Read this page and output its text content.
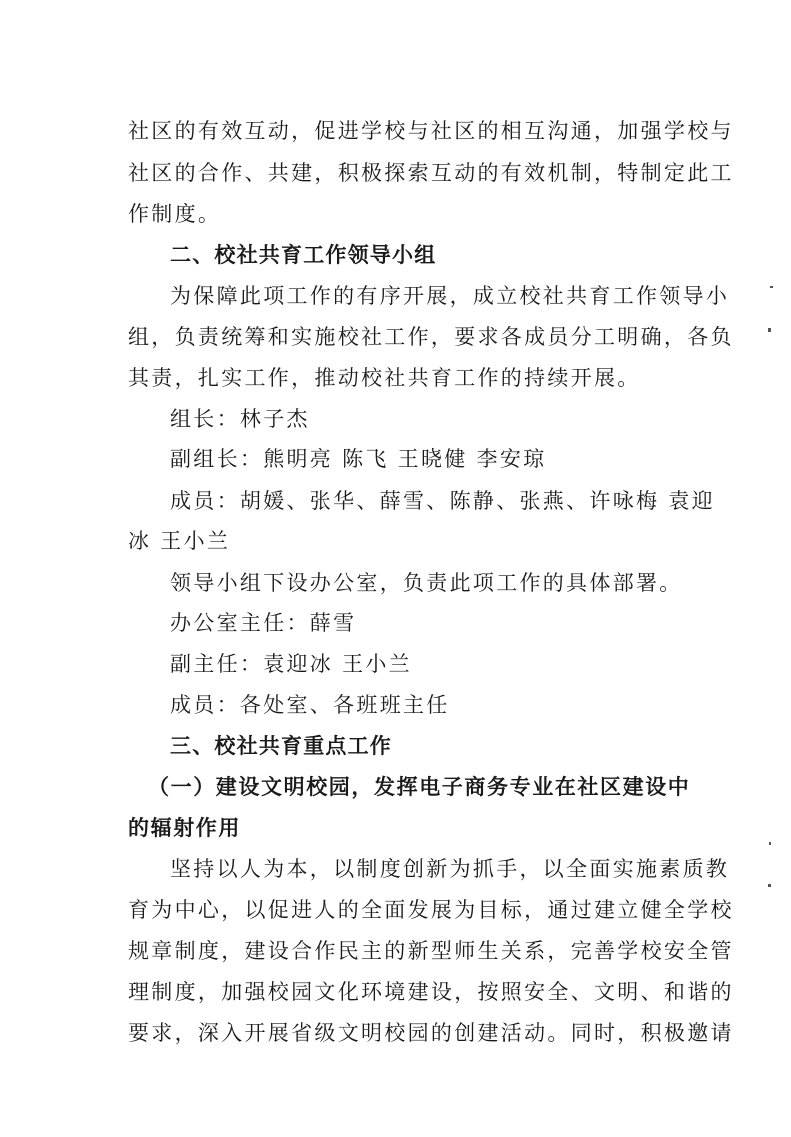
社区的有效互动，促进学校与社区的相互沟通，加强学校与
社区的合作、共建，积极探索互动的有效机制，特制定此工
作制度。
二、校社共育工作领导小组
为保障此项工作的有序开展，成立校社共育工作领导小
组，负责统筹和实施校社工作，要求各成员分工明确，各负
其责，扎实工作，推动校社共育工作的持续开展。
组长：林子杰
副组长：熊明亮 陈飞 王晓健 李安琼
成员：胡媛、张华、薛雪、陈静、张燕、许咏梅 袁迎
冰 王小兰
领导小组下设办公室，负责此项工作的具体部署。
办公室主任：薛雪
副主任：袁迎冰 王小兰
成员：各处室、各班班主任
三、校社共育重点工作
（一）建设文明校园，发挥电子商务专业在社区建设中
的辐射作用
坚持以人为本，以制度创新为抓手，以全面实施素质教
育为中心，以促进人的全面发展为目标，通过建立健全学校
规章制度，建设合作民主的新型师生关系，完善学校安全管
理制度，加强校园文化环境建设，按照安全、文明、和谐的
要求，深入开展省级文明校园的创建活动。同时，积极邀请
